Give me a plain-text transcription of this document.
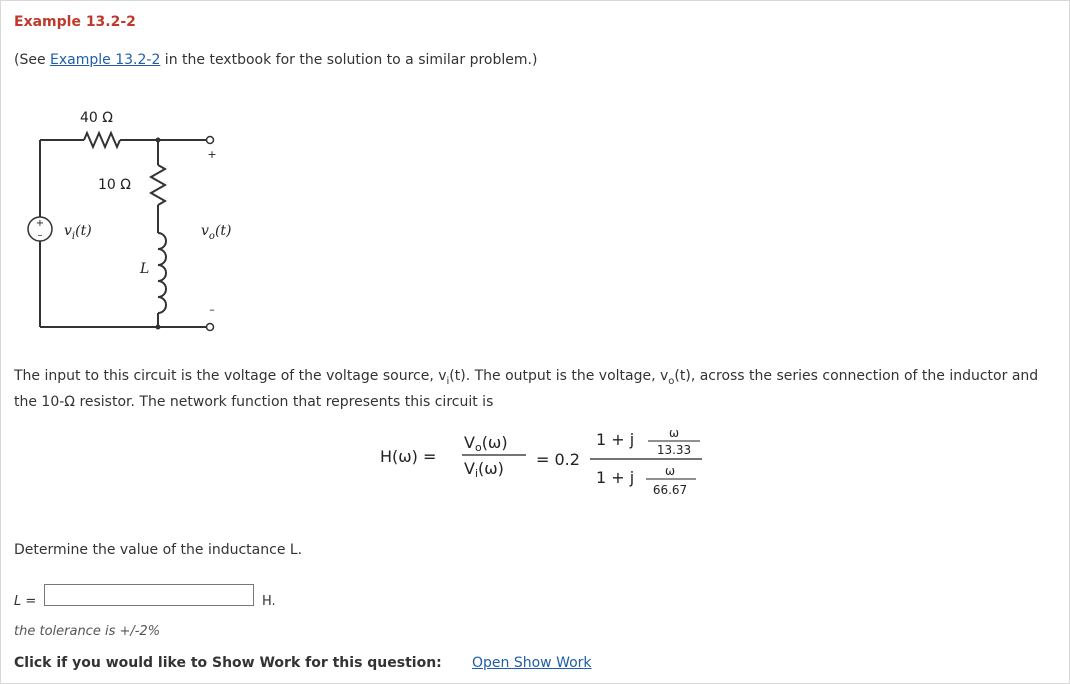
Example 13.2-2
(See Example 13.2-2 in the textbook for the solution to a similar problem.)
+
–
40 Ω
10 Ω
L
$v_i(t)$	$v_o(t)$
+
–
The input to this circuit is the voltage of the voltage source, $v_i(t)$. The output is the voltage, $v_o(t)$, across the series connection of the inductor and the 10-Ω resistor. The network function that represents this circuit is
H(ω) =
Vo(ω)
Vi(ω) = 0.2
1 + j	ω
13.33
1 + j	ω
66.67
Determine the value of the inductance L.
L =	H.
the tolerance is +/-2%
Click if you would like to Show Work for this question: Open Show Work
